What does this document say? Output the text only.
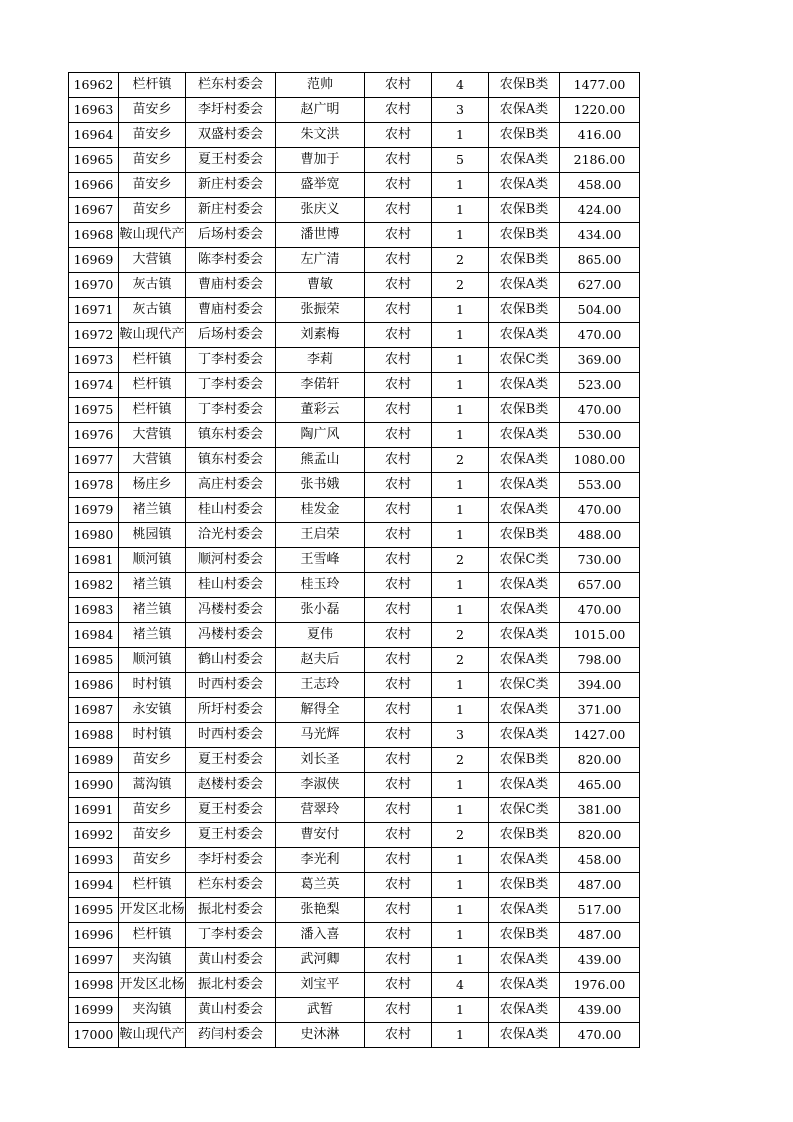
16962	栏杆镇	栏东村委会	范帅	农村	4	农保B类	1477.00
16963	苗安乡	李圩村委会	赵广明	农村	3	农保A类	1220.00
16964	苗安乡	双盛村委会	朱文洪	农村	1	农保B类	416.00
16965	苗安乡	夏王村委会	曹加于	农村	5	农保A类	2186.00
16966	苗安乡	新庄村委会	盛举宽	农村	1	农保A类	458.00
16967	苗安乡	新庄村委会	张庆义	农村	1	农保B类	424.00
16968	鞍山现代产	后场村委会	潘世博	农村	1	农保B类	434.00
16969	大营镇	陈李村委会	左广清	农村	2	农保B类	865.00
16970	灰古镇	曹庙村委会	曹敏	农村	2	农保A类	627.00
16971	灰古镇	曹庙村委会	张振荣	农村	1	农保B类	504.00
16972	鞍山现代产	后场村委会	刘素梅	农村	1	农保A类	470.00
16973	栏杆镇	丁李村委会	李莉	农村	1	农保C类	369.00
16974	栏杆镇	丁李村委会	李偌轩	农村	1	农保A类	523.00
16975	栏杆镇	丁李村委会	董彩云	农村	1	农保B类	470.00
16976	大营镇	镇东村委会	陶广风	农村	1	农保A类	530.00
16977	大营镇	镇东村委会	熊孟山	农村	2	农保A类	1080.00
16978	杨庄乡	高庄村委会	张书娥	农村	1	农保A类	553.00
16979	褚兰镇	桂山村委会	桂发金	农村	1	农保A类	470.00
16980	桃园镇	洽光村委会	王启荣	农村	1	农保B类	488.00
16981	顺河镇	顺河村委会	王雪峰	农村	2	农保C类	730.00
16982	褚兰镇	桂山村委会	桂玉玲	农村	1	农保A类	657.00
16983	褚兰镇	冯楼村委会	张小磊	农村	1	农保A类	470.00
16984	褚兰镇	冯楼村委会	夏伟	农村	2	农保A类	1015.00
16985	顺河镇	鹤山村委会	赵夫后	农村	2	农保A类	798.00
16986	时村镇	时西村委会	王志玲	农村	1	农保C类	394.00
16987	永安镇	所圩村委会	解得全	农村	1	农保A类	371.00
16988	时村镇	时西村委会	马光辉	农村	3	农保A类	1427.00
16989	苗安乡	夏王村委会	刘长圣	农村	2	农保B类	820.00
16990	蒿沟镇	赵楼村委会	李淑侠	农村	1	农保A类	465.00
16991	苗安乡	夏王村委会	营翠玲	农村	1	农保C类	381.00
16992	苗安乡	夏王村委会	曹安付	农村	2	农保B类	820.00
16993	苗安乡	李圩村委会	李光利	农村	1	农保A类	458.00
16994	栏杆镇	栏东村委会	葛兰英	农村	1	农保B类	487.00
16995	开发区北杨	振北村委会	张艳梨	农村	1	农保A类	517.00
16996	栏杆镇	丁李村委会	潘入喜	农村	1	农保B类	487.00
16997	夹沟镇	黄山村委会	武河卿	农村	1	农保A类	439.00
16998	开发区北杨	振北村委会	刘宝平	农村	4	农保A类	1976.00
16999	夹沟镇	黄山村委会	武暂	农村	1	农保A类	439.00
17000	鞍山现代产	药闫村委会	史沐淋	农村	1	农保A类	470.00
